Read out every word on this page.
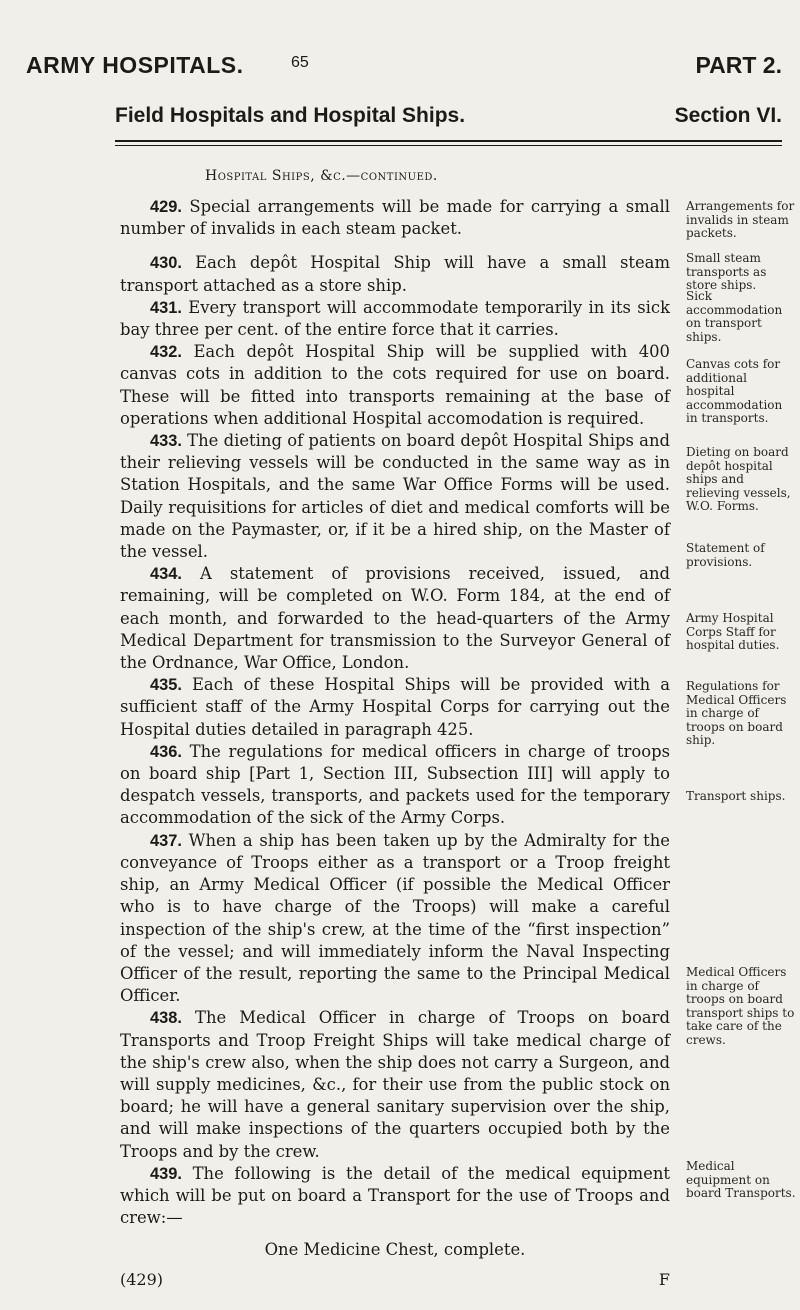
ARMY HOSPITALS.	65	PART 2.
Field Hospitals and Hospital Ships.	Section VI.
Hospital Ships, &c.—continued.

429. Special arrangements will be made for carrying a small number of invalids in each steam packet.

430. Each depôt Hospital Ship will have a small steam transport attached as a store ship.

431. Every transport will accommodate temporarily in its sick bay three per cent. of the entire force that it carries.

432. Each depôt Hospital Ship will be supplied with 400 canvas cots in addition to the cots required for use on board. These will be fitted into transports remaining at the base of operations when additional Hospital accomodation is required.

433. The dieting of patients on board depôt Hospital Ships and their relieving vessels will be conducted in the same way as in Station Hospitals, and the same War Office Forms will be used. Daily requisitions for articles of diet and medical comforts will be made on the Paymaster, or, if it be a hired ship, on the Master of the vessel.

434. A statement of provisions received, issued, and remaining, will be completed on W.O. Form 184, at the end of each month, and forwarded to the head-quarters of the Army Medical Department for transmission to the Surveyor General of the Ordnance, War Office, London.

435. Each of these Hospital Ships will be provided with a sufficient staff of the Army Hospital Corps for carrying out the Hospital duties detailed in paragraph 425.

436. The regulations for medical officers in charge of troops on board ship [Part 1, Section III, Subsection III] will apply to despatch vessels, transports, and packets used for the temporary accommodation of the sick of the Army Corps.

437. When a ship has been taken up by the Admiralty for the conveyance of Troops either as a transport or a Troop freight ship, an Army Medical Officer (if possible the Medical Officer who is to have charge of the Troops) will make a careful inspection of the ship's crew, at the time of the “first inspection” of the vessel; and will immediately inform the Naval Inspecting Officer of the result, reporting the same to the Principal Medical Officer.

438. The Medical Officer in charge of Troops on board Transports and Troop Freight Ships will take medical charge of the ship's crew also, when the ship does not carry a Surgeon, and will supply medicines, &c., for their use from the public stock on board; he will have a general sanitary supervision over the ship, and will make inspections of the quarters occupied both by the Troops and by the crew.

439. The following is the detail of the medical equipment which will be put on board a Transport for the use of Troops and crew:—

One Medicine Chest, complete.

Arrangements for invalids in steam packets.
Small steam transports as store ships.
Sick accommodation on transport ships.
Canvas cots for additional hospital accommodation in transports.
Dieting on board depôt hospital ships and relieving vessels, W.O. Forms.
Statement of provisions.
Army Hospital Corps Staff for hospital duties.
Regulations for Medical Officers in charge of troops on board ship.
Transport ships.
Medical Officers in charge of troops on board transport ships to take care of the crews.
Medical equipment on board Transports.
(429)	F
